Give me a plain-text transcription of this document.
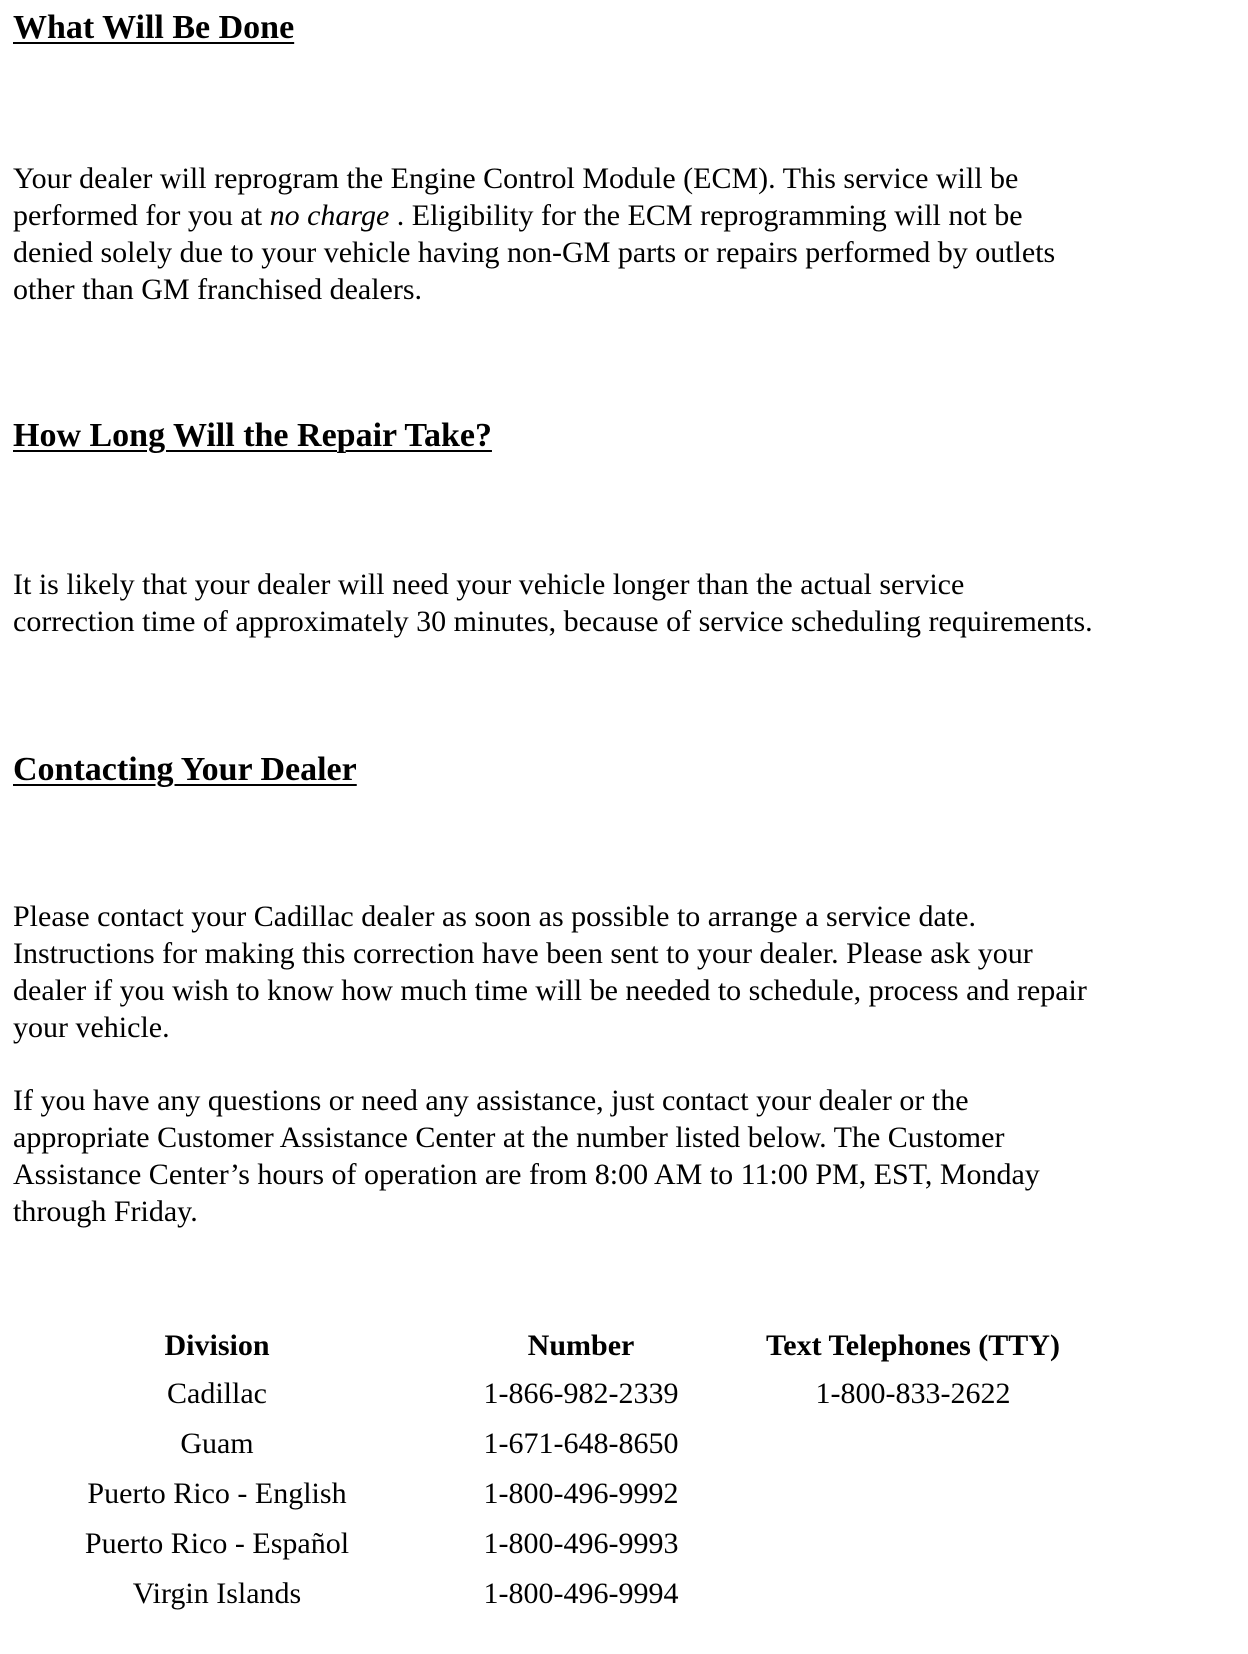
What Will Be Done

Your dealer will reprogram the Engine Control Module (ECM). This service will be
performed for you at no charge . Eligibility for the ECM reprogramming will not be
denied solely due to your vehicle having non-GM parts or repairs performed by outlets
other than GM franchised dealers.

How Long Will the Repair Take?

It is likely that your dealer will need your vehicle longer than the actual service
correction time of approximately 30 minutes, because of service scheduling requirements.

Contacting Your Dealer

Please contact your Cadillac dealer as soon as possible to arrange a service date.
Instructions for making this correction have been sent to your dealer. Please ask your
dealer if you wish to know how much time will be needed to schedule, process and repair
your vehicle.

If you have any questions or need any assistance, just contact your dealer or the
appropriate Customer Assistance Center at the number listed below. The Customer
Assistance Center’s hours of operation are from 8:00 AM to 11:00 PM, EST, Monday
through Friday.

Division	Number	Text Telephones (TTY)
Cadillac	1-866-982-2339	1-800-833-2622
Guam	1-671-648-8650	
Puerto Rico - English	1-800-496-9992	
Puerto Rico - Español	1-800-496-9993	
Virgin Islands	1-800-496-9994	
